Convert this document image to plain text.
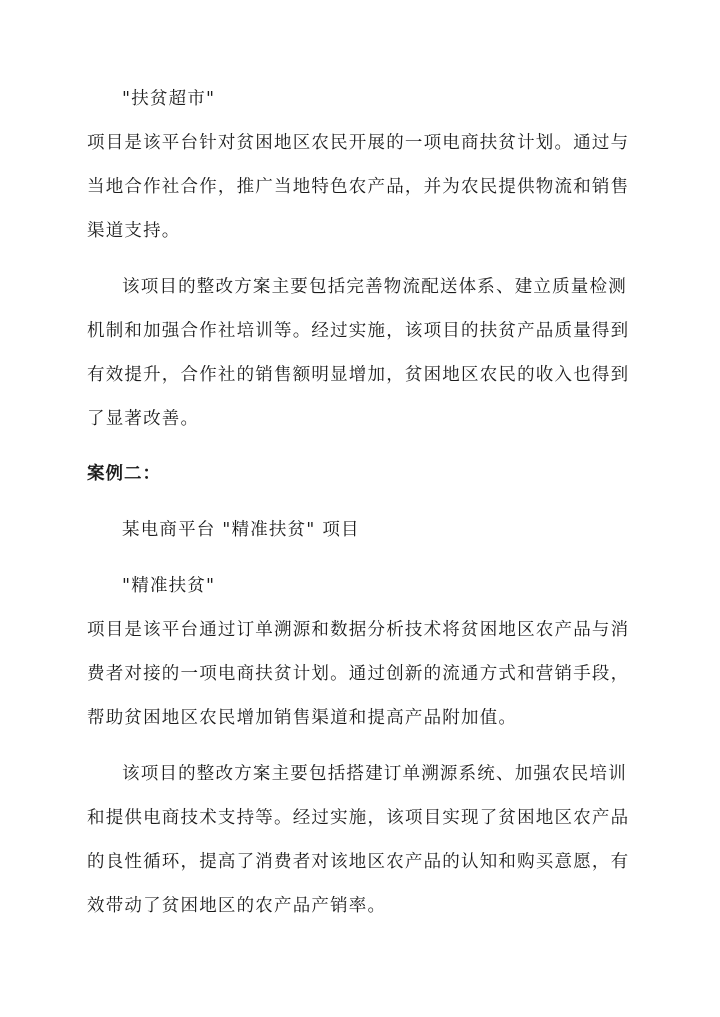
"扶贫超市"
项目是该平台针对贫困地区农民开展的一项电商扶贫计划。通过与
当地合作社合作，推广当地特色农产品，并为农民提供物流和销售
渠道支持。
该项目的整改方案主要包括完善物流配送体系、建立质量检测
机制和加强合作社培训等。经过实施，该项目的扶贫产品质量得到
有效提升，合作社的销售额明显增加，贫困地区农民的收入也得到
了显著改善。
案例二：
某电商平台 "精准扶贫" 项目
"精准扶贫"
项目是该平台通过订单溯源和数据分析技术将贫困地区农产品与消
费者对接的一项电商扶贫计划。通过创新的流通方式和营销手段，
帮助贫困地区农民增加销售渠道和提高产品附加值。
该项目的整改方案主要包括搭建订单溯源系统、加强农民培训
和提供电商技术支持等。经过实施，该项目实现了贫困地区农产品
的良性循环，提高了消费者对该地区农产品的认知和购买意愿，有
效带动了贫困地区的农产品产销率。
